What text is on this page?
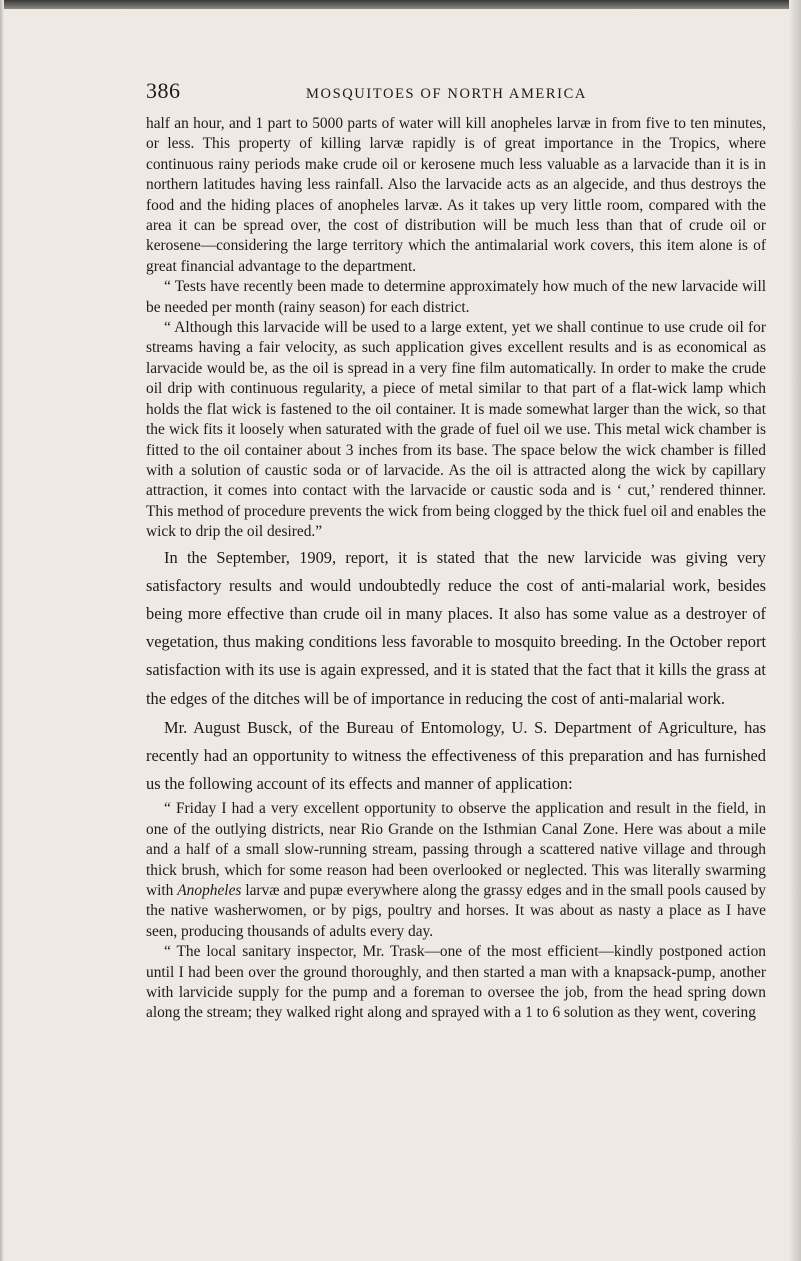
386	MOSQUITOES OF NORTH AMERICA

half an hour, and 1 part to 5000 parts of water will kill anopheles larvæ in from five to ten minutes, or less. This property of killing larvæ rapidly is of great importance in the Tropics, where continuous rainy periods make crude oil or kerosene much less valuable as a larvacide than it is in northern latitudes having less rainfall. Also the larvacide acts as an algecide, and thus destroys the food and the hiding places of anopheles larvæ. As it takes up very little room, compared with the area it can be spread over, the cost of distribution will be much less than that of crude oil or kerosene—considering the large territory which the antimalarial work covers, this item alone is of great financial advantage to the department.

“ Tests have recently been made to determine approximately how much of the new larvacide will be needed per month (rainy season) for each district.

“ Although this larvacide will be used to a large extent, yet we shall continue to use crude oil for streams having a fair velocity, as such application gives excellent results and is as economical as larvacide would be, as the oil is spread in a very fine film automatically. In order to make the crude oil drip with continuous regularity, a piece of metal similar to that part of a flat-wick lamp which holds the flat wick is fastened to the oil container. It is made somewhat larger than the wick, so that the wick fits it loosely when saturated with the grade of fuel oil we use. This metal wick chamber is fitted to the oil container about 3 inches from its base. The space below the wick chamber is filled with a solution of caustic soda or of larvacide. As the oil is attracted along the wick by capillary attraction, it comes into contact with the larvacide or caustic soda and is ‘ cut,’ rendered thinner. This method of procedure prevents the wick from being clogged by the thick fuel oil and enables the wick to drip the oil desired.”

In the September, 1909, report, it is stated that the new larvicide was giving very satisfactory results and would undoubtedly reduce the cost of anti-malarial work, besides being more effective than crude oil in many places. It also has some value as a destroyer of vegetation, thus making conditions less favorable to mosquito breeding. In the October report satisfaction with its use is again expressed, and it is stated that the fact that it kills the grass at the edges of the ditches will be of importance in reducing the cost of anti-malarial work.

Mr. August Busck, of the Bureau of Entomology, U. S. Department of Agriculture, has recently had an opportunity to witness the effectiveness of this preparation and has furnished us the following account of its effects and manner of application:

“ Friday I had a very excellent opportunity to observe the application and result in the field, in one of the outlying districts, near Rio Grande on the Isthmian Canal Zone. Here was about a mile and a half of a small slow-running stream, passing through a scattered native village and through thick brush, which for some reason had been overlooked or neglected. This was literally swarming with Anopheles larvæ and pupæ everywhere along the grassy edges and in the small pools caused by the native washerwomen, or by pigs, poultry and horses. It was about as nasty a place as I have seen, producing thousands of adults every day.

“ The local sanitary inspector, Mr. Trask—one of the most efficient—kindly postponed action until I had been over the ground thoroughly, and then started a man with a knapsack-pump, another with larvicide supply for the pump and a foreman to oversee the job, from the head spring down along the stream; they walked right along and sprayed with a 1 to 6 solution as they went, covering
